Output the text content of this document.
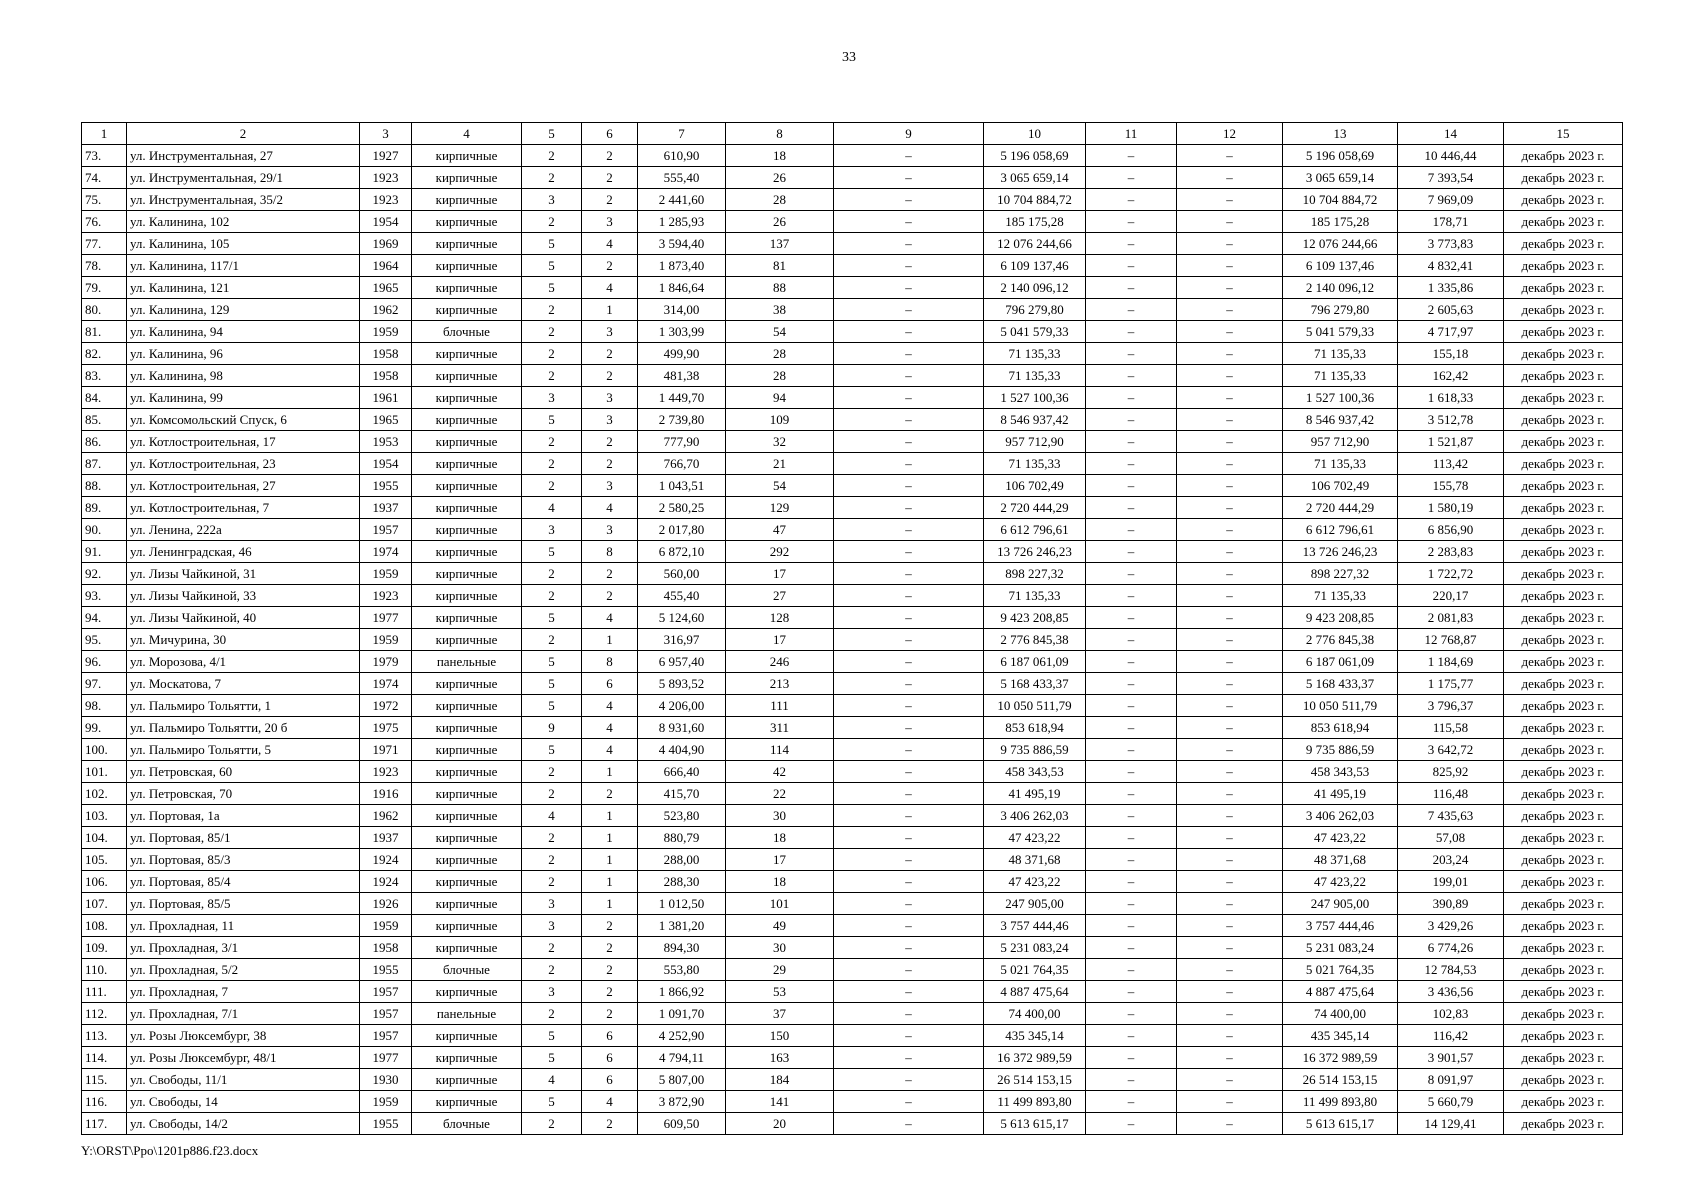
33
1	2	3	4	5	6	7	8	9	10	11	12	13	14	15
73.	ул. Инструментальная, 27	1927	кирпичные	2	2	610,90	18	–	5 196 058,69	–	–	5 196 058,69	10 446,44	декабрь 2023 г.
74.	ул. Инструментальная, 29/1	1923	кирпичные	2	2	555,40	26	–	3 065 659,14	–	–	3 065 659,14	7 393,54	декабрь 2023 г.
75.	ул. Инструментальная, 35/2	1923	кирпичные	3	2	2 441,60	28	–	10 704 884,72	–	–	10 704 884,72	7 969,09	декабрь 2023 г.
76.	ул. Калинина, 102	1954	кирпичные	2	3	1 285,93	26	–	185 175,28	–	–	185 175,28	178,71	декабрь 2023 г.
77.	ул. Калинина, 105	1969	кирпичные	5	4	3 594,40	137	–	12 076 244,66	–	–	12 076 244,66	3 773,83	декабрь 2023 г.
78.	ул. Калинина, 117/1	1964	кирпичные	5	2	1 873,40	81	–	6 109 137,46	–	–	6 109 137,46	4 832,41	декабрь 2023 г.
79.	ул. Калинина, 121	1965	кирпичные	5	4	1 846,64	88	–	2 140 096,12	–	–	2 140 096,12	1 335,86	декабрь 2023 г.
80.	ул. Калинина, 129	1962	кирпичные	2	1	314,00	38	–	796 279,80	–	–	796 279,80	2 605,63	декабрь 2023 г.
81.	ул. Калинина, 94	1959	блочные	2	3	1 303,99	54	–	5 041 579,33	–	–	5 041 579,33	4 717,97	декабрь 2023 г.
82.	ул. Калинина, 96	1958	кирпичные	2	2	499,90	28	–	71 135,33	–	–	71 135,33	155,18	декабрь 2023 г.
83.	ул. Калинина, 98	1958	кирпичные	2	2	481,38	28	–	71 135,33	–	–	71 135,33	162,42	декабрь 2023 г.
84.	ул. Калинина, 99	1961	кирпичные	3	3	1 449,70	94	–	1 527 100,36	–	–	1 527 100,36	1 618,33	декабрь 2023 г.
85.	ул. Комсомольский Спуск, 6	1965	кирпичные	5	3	2 739,80	109	–	8 546 937,42	–	–	8 546 937,42	3 512,78	декабрь 2023 г.
86.	ул. Котлостроительная, 17	1953	кирпичные	2	2	777,90	32	–	957 712,90	–	–	957 712,90	1 521,87	декабрь 2023 г.
87.	ул. Котлостроительная, 23	1954	кирпичные	2	2	766,70	21	–	71 135,33	–	–	71 135,33	113,42	декабрь 2023 г.
88.	ул. Котлостроительная, 27	1955	кирпичные	2	3	1 043,51	54	–	106 702,49	–	–	106 702,49	155,78	декабрь 2023 г.
89.	ул. Котлостроительная, 7	1937	кирпичные	4	4	2 580,25	129	–	2 720 444,29	–	–	2 720 444,29	1 580,19	декабрь 2023 г.
90.	ул. Ленина, 222а	1957	кирпичные	3	3	2 017,80	47	–	6 612 796,61	–	–	6 612 796,61	6 856,90	декабрь 2023 г.
91.	ул. Ленинградская, 46	1974	кирпичные	5	8	6 872,10	292	–	13 726 246,23	–	–	13 726 246,23	2 283,83	декабрь 2023 г.
92.	ул. Лизы Чайкиной, 31	1959	кирпичные	2	2	560,00	17	–	898 227,32	–	–	898 227,32	1 722,72	декабрь 2023 г.
93.	ул. Лизы Чайкиной, 33	1923	кирпичные	2	2	455,40	27	–	71 135,33	–	–	71 135,33	220,17	декабрь 2023 г.
94.	ул. Лизы Чайкиной, 40	1977	кирпичные	5	4	5 124,60	128	–	9 423 208,85	–	–	9 423 208,85	2 081,83	декабрь 2023 г.
95.	ул. Мичурина, 30	1959	кирпичные	2	1	316,97	17	–	2 776 845,38	–	–	2 776 845,38	12 768,87	декабрь 2023 г.
96.	ул. Морозова, 4/1	1979	панельные	5	8	6 957,40	246	–	6 187 061,09	–	–	6 187 061,09	1 184,69	декабрь 2023 г.
97.	ул. Москатова, 7	1974	кирпичные	5	6	5 893,52	213	–	5 168 433,37	–	–	5 168 433,37	1 175,77	декабрь 2023 г.
98.	ул. Пальмиро Тольятти, 1	1972	кирпичные	5	4	4 206,00	111	–	10 050 511,79	–	–	10 050 511,79	3 796,37	декабрь 2023 г.
99.	ул. Пальмиро Тольятти, 20 б	1975	кирпичные	9	4	8 931,60	311	–	853 618,94	–	–	853 618,94	115,58	декабрь 2023 г.
100.	ул. Пальмиро Тольятти, 5	1971	кирпичные	5	4	4 404,90	114	–	9 735 886,59	–	–	9 735 886,59	3 642,72	декабрь 2023 г.
101.	ул. Петровская, 60	1923	кирпичные	2	1	666,40	42	–	458 343,53	–	–	458 343,53	825,92	декабрь 2023 г.
102.	ул. Петровская, 70	1916	кирпичные	2	2	415,70	22	–	41 495,19	–	–	41 495,19	116,48	декабрь 2023 г.
103.	ул. Портовая, 1а	1962	кирпичные	4	1	523,80	30	–	3 406 262,03	–	–	3 406 262,03	7 435,63	декабрь 2023 г.
104.	ул. Портовая, 85/1	1937	кирпичные	2	1	880,79	18	–	47 423,22	–	–	47 423,22	57,08	декабрь 2023 г.
105.	ул. Портовая, 85/3	1924	кирпичные	2	1	288,00	17	–	48 371,68	–	–	48 371,68	203,24	декабрь 2023 г.
106.	ул. Портовая, 85/4	1924	кирпичные	2	1	288,30	18	–	47 423,22	–	–	47 423,22	199,01	декабрь 2023 г.
107.	ул. Портовая, 85/5	1926	кирпичные	3	1	1 012,50	101	–	247 905,00	–	–	247 905,00	390,89	декабрь 2023 г.
108.	ул. Прохладная, 11	1959	кирпичные	3	2	1 381,20	49	–	3 757 444,46	–	–	3 757 444,46	3 429,26	декабрь 2023 г.
109.	ул. Прохладная, 3/1	1958	кирпичные	2	2	894,30	30	–	5 231 083,24	–	–	5 231 083,24	6 774,26	декабрь 2023 г.
110.	ул. Прохладная, 5/2	1955	блочные	2	2	553,80	29	–	5 021 764,35	–	–	5 021 764,35	12 784,53	декабрь 2023 г.
111.	ул. Прохладная, 7	1957	кирпичные	3	2	1 866,92	53	–	4 887 475,64	–	–	4 887 475,64	3 436,56	декабрь 2023 г.
112.	ул. Прохладная, 7/1	1957	панельные	2	2	1 091,70	37	–	74 400,00	–	–	74 400,00	102,83	декабрь 2023 г.
113.	ул. Розы Люксембург, 38	1957	кирпичные	5	6	4 252,90	150	–	435 345,14	–	–	435 345,14	116,42	декабрь 2023 г.
114.	ул. Розы Люксембург, 48/1	1977	кирпичные	5	6	4 794,11	163	–	16 372 989,59	–	–	16 372 989,59	3 901,57	декабрь 2023 г.
115.	ул. Свободы, 11/1	1930	кирпичные	4	6	5 807,00	184	–	26 514 153,15	–	–	26 514 153,15	8 091,97	декабрь 2023 г.
116.	ул. Свободы, 14	1959	кирпичные	5	4	3 872,90	141	–	11 499 893,80	–	–	11 499 893,80	5 660,79	декабрь 2023 г.
117.	ул. Свободы, 14/2	1955	блочные	2	2	609,50	20	–	5 613 615,17	–	–	5 613 615,17	14 129,41	декабрь 2023 г.
Y:\ORST\Ppo\1201p886.f23.docx
